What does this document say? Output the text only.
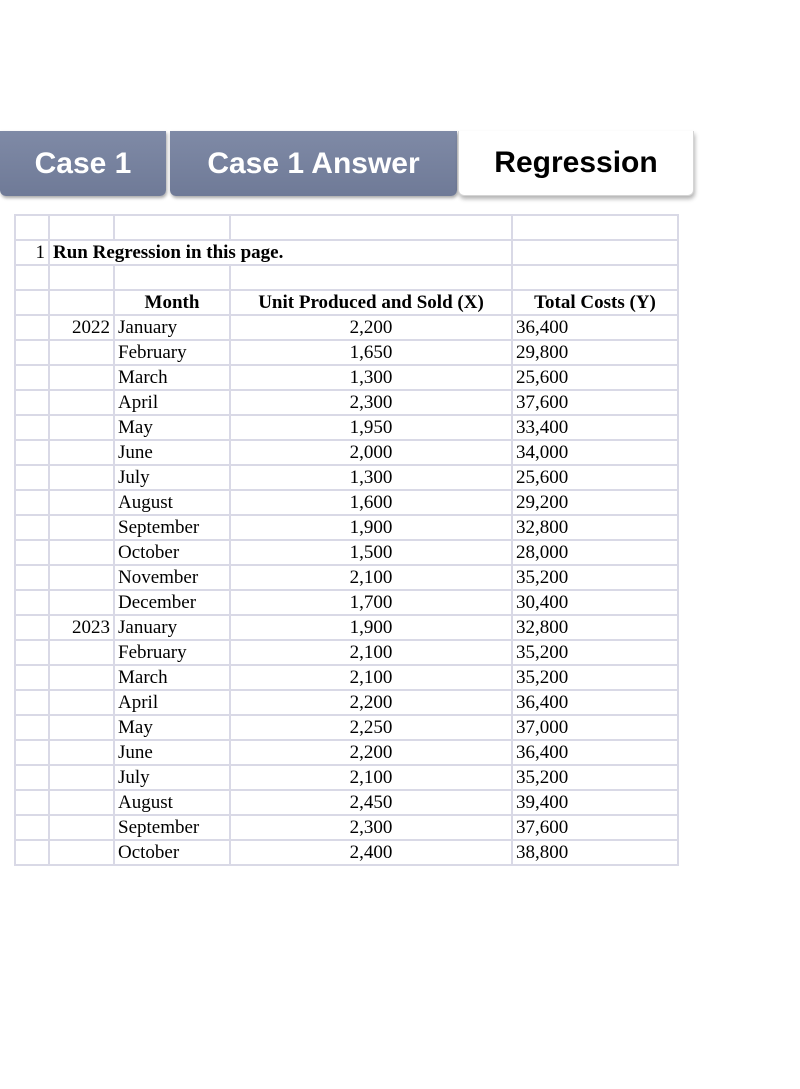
Case 1	Case 1 Answer	Regression

1	Run Regression in this page.			

		Month	Unit Produced and Sold (X)	Total Costs (Y)
	2022	January	2,200	36,400
		February	1,650	29,800
		March	1,300	25,600
		April	2,300	37,600
		May	1,950	33,400
		June	2,000	34,000
		July	1,300	25,600
		August	1,600	29,200
		September	1,900	32,800
		October	1,500	28,000
		November	2,100	35,200
		December	1,700	30,400
	2023	January	1,900	32,800
		February	2,100	35,200
		March	2,100	35,200
		April	2,200	36,400
		May	2,250	37,000
		June	2,200	36,400
		July	2,100	35,200
		August	2,450	39,400
		September	2,300	37,600
		October	2,400	38,800
